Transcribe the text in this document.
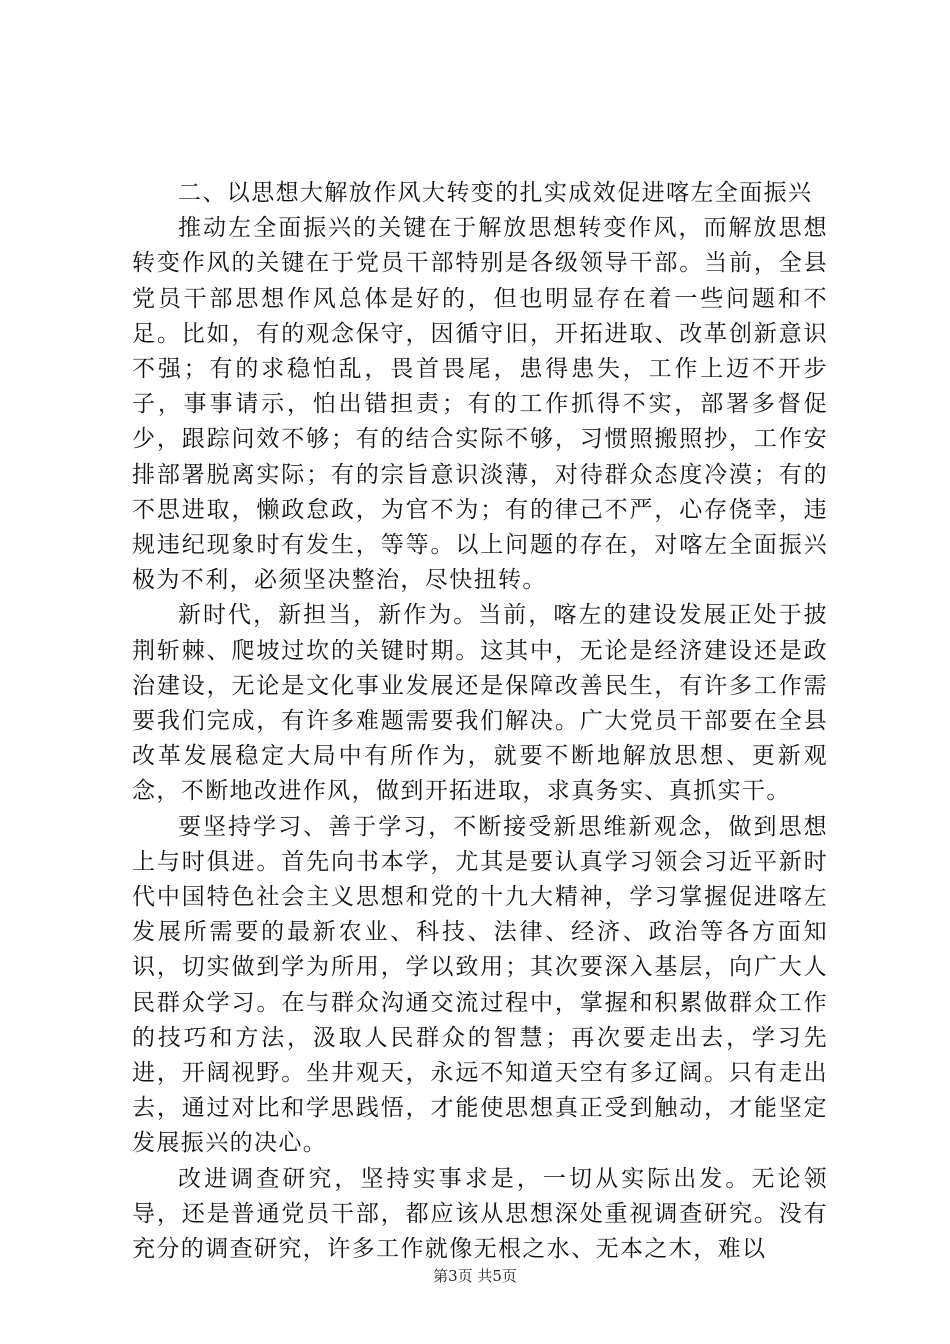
二、以思想大解放作风大转变的扎实成效促进喀左全面振兴

推动左全面振兴的关键在于解放思想转变作风，而解放思想转变作风的关键在于党员干部特别是各级领导干部。当前，全县党员干部思想作风总体是好的，但也明显存在着一些问题和不足。比如，有的观念保守，因循守旧，开拓进取、改革创新意识不强；有的求稳怕乱，畏首畏尾，患得患失，工作上迈不开步子，事事请示，怕出错担责；有的工作抓得不实，部署多督促少，跟踪问效不够；有的结合实际不够，习惯照搬照抄，工作安排部署脱离实际；有的宗旨意识淡薄，对待群众态度冷漠；有的不思进取，懒政怠政，为官不为；有的律己不严，心存侥幸，违规违纪现象时有发生，等等。以上问题的存在，对喀左全面振兴极为不利，必须坚决整治，尽快扭转。

新时代，新担当，新作为。当前，喀左的建设发展正处于披荆斩棘、爬坡过坎的关键时期。这其中，无论是经济建设还是政治建设，无论是文化事业发展还是保障改善民生，有许多工作需要我们完成，有许多难题需要我们解决。广大党员干部要在全县改革发展稳定大局中有所作为，就要不断地解放思想、更新观念，不断地改进作风，做到开拓进取，求真务实、真抓实干。

要坚持学习、善于学习，不断接受新思维新观念，做到思想上与时俱进。首先向书本学，尤其是要认真学习领会习近平新时代中国特色社会主义思想和党的十九大精神，学习掌握促进喀左发展所需要的最新农业、科技、法律、经济、政治等各方面知识，切实做到学为所用，学以致用；其次要深入基层，向广大人民群众学习。在与群众沟通交流过程中，掌握和积累做群众工作的技巧和方法，汲取人民群众的智慧；再次要走出去，学习先进，开阔视野。坐井观天，永远不知道天空有多辽阔。只有走出去，通过对比和学思践悟，才能使思想真正受到触动，才能坚定发展振兴的决心。

改进调查研究，坚持实事求是，一切从实际出发。无论领导，还是普通党员干部，都应该从思想深处重视调查研究。没有充分的调查研究，许多工作就像无根之水、无本之木，难以

第3页 共5页
